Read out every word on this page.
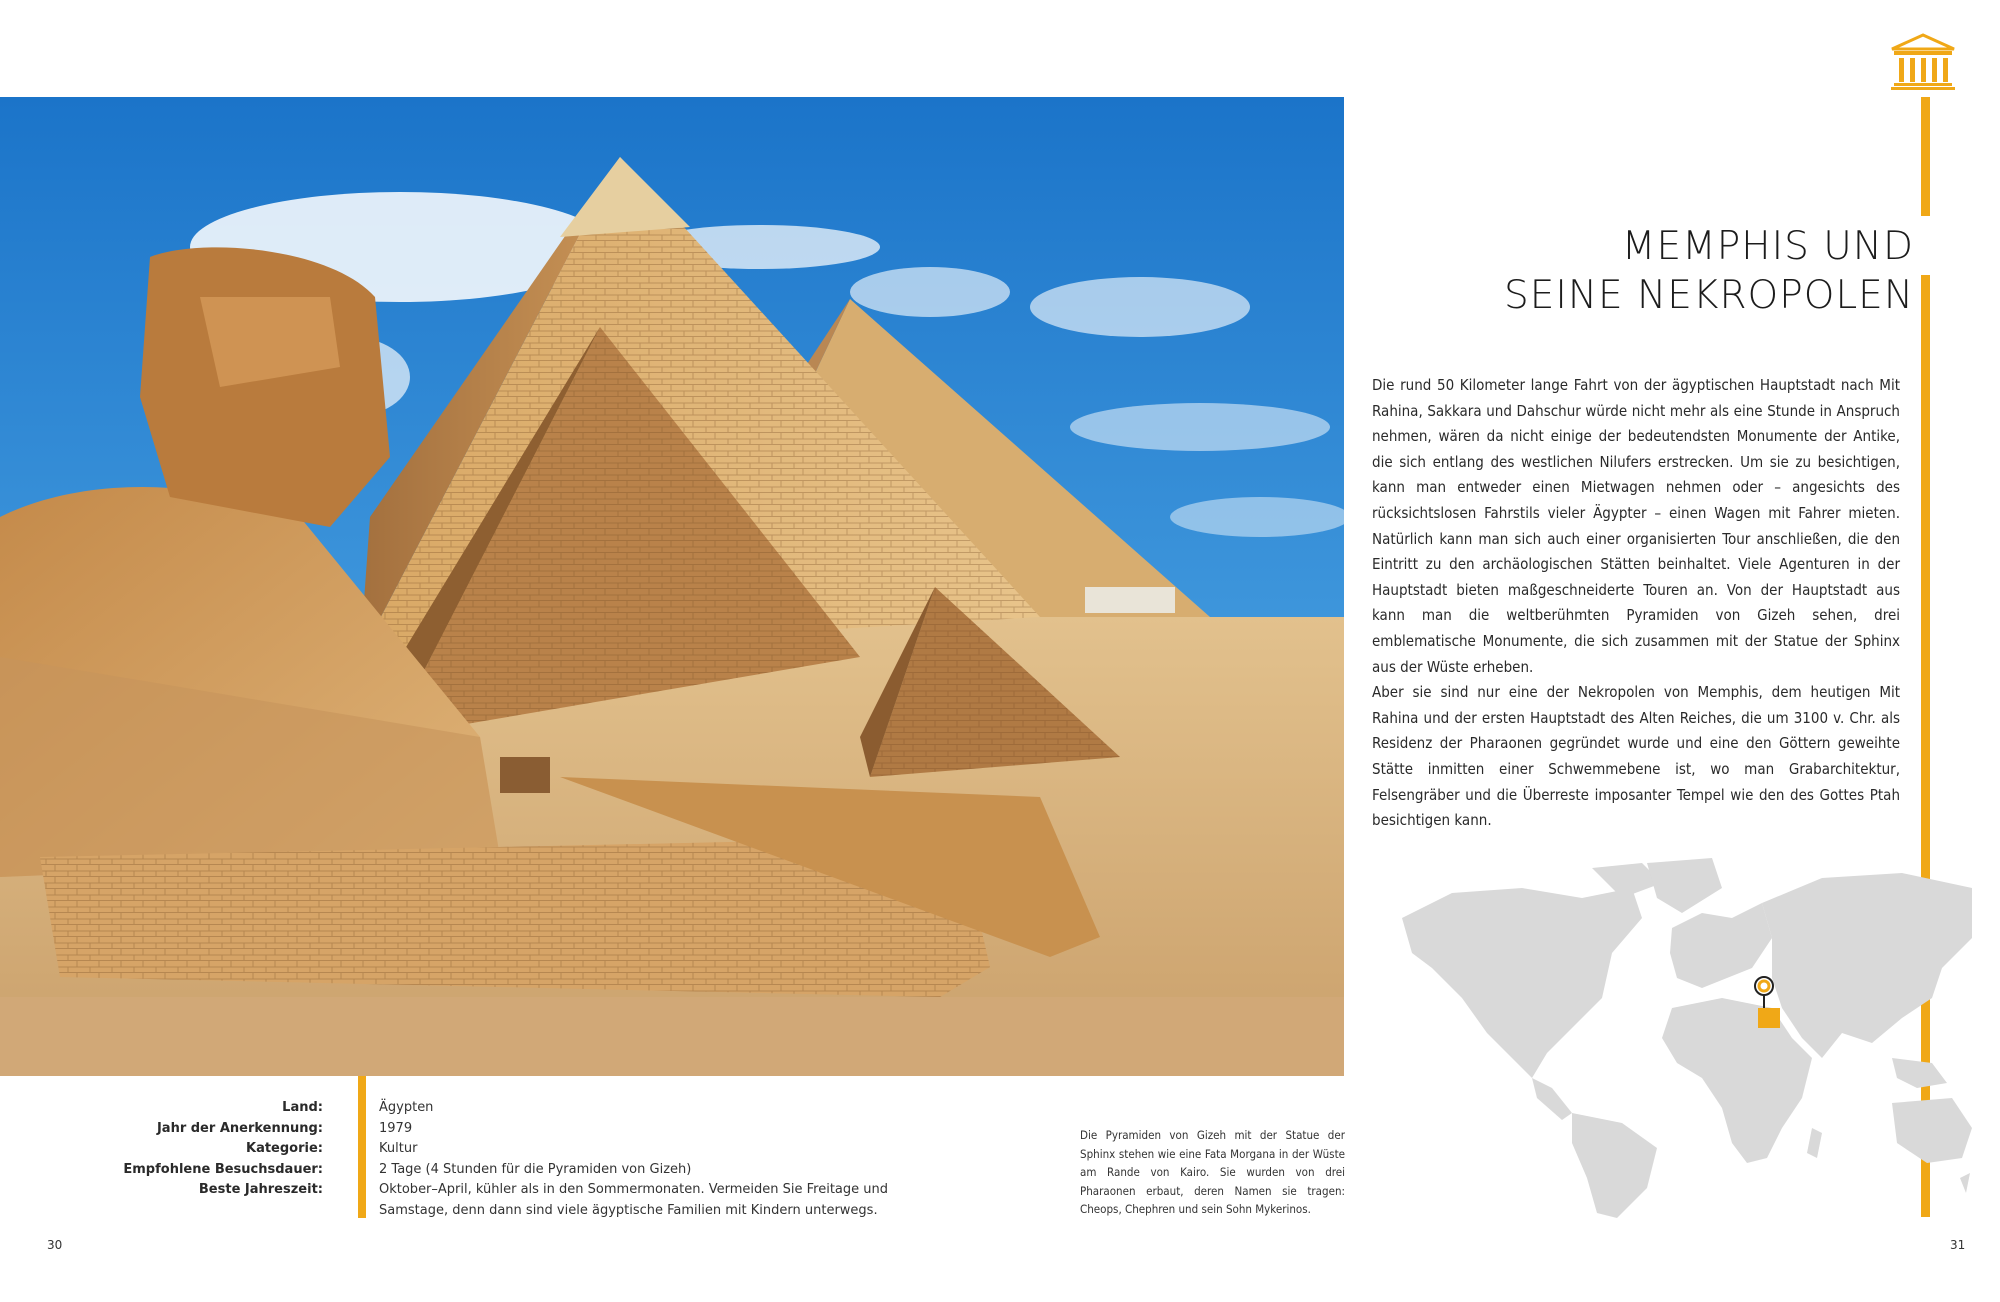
MEMPHIS UND
SEINE NEKROPOLEN

Die rund 50 Kilometer lange Fahrt von der ägyptischen Hauptstadt nach Mit Rahina, Sakkara und Dahschur würde nicht mehr als eine Stunde in Anspruch nehmen, wären da nicht einige der bedeutendsten Monumente der Antike, die sich entlang des westlichen Nilufers erstrecken. Um sie zu besichtigen, kann man entweder einen Mietwagen nehmen oder – angesichts des rücksichtslosen Fahrstils vieler Ägypter – einen Wagen mit Fahrer mieten. Natürlich kann man sich auch einer organisierten Tour anschließen, die den Eintritt zu den archäologischen Stätten beinhaltet. Viele Agenturen in der Hauptstadt bieten maßgeschneiderte Touren an. Von der Hauptstadt aus kann man die weltberühmten Pyramiden von Gizeh sehen, drei emblematische Monumente, die sich zusammen mit der Statue der Sphinx aus der Wüste erheben.

Aber sie sind nur eine der Nekropolen von Memphis, dem heutigen Mit Rahina und der ersten Hauptstadt des Alten Reiches, die um 3100 v. Chr. als Residenz der Pharaonen gegründet wurde und eine den Göttern geweihte Stätte inmitten einer Schwemmebene ist, wo man Grabarchitektur, Felsengräber und die Überreste imposanter Tempel wie den des Gottes Ptah besichtigen kann.

Land:	Ägypten
Jahr der Anerkennung:	1979
Kategorie:	Kultur
Empfohlene Besuchsdauer:	2 Tage (4 Stunden für die Pyramiden von Gizeh)
Beste Jahreszeit:	Oktober–April, kühler als in den Sommermonaten. Vermeiden Sie Freitage und Samstage, denn dann sind viele ägyptische Familien mit Kindern unterwegs.
Die Pyramiden von Gizeh mit der Statue der Sphinx stehen wie eine Fata Morgana in der Wüste am Rande von Kairo. Sie wurden von drei Pharaonen erbaut, deren Namen sie tragen: Cheops, Chephren und sein Sohn Mykerinos.
30	31
